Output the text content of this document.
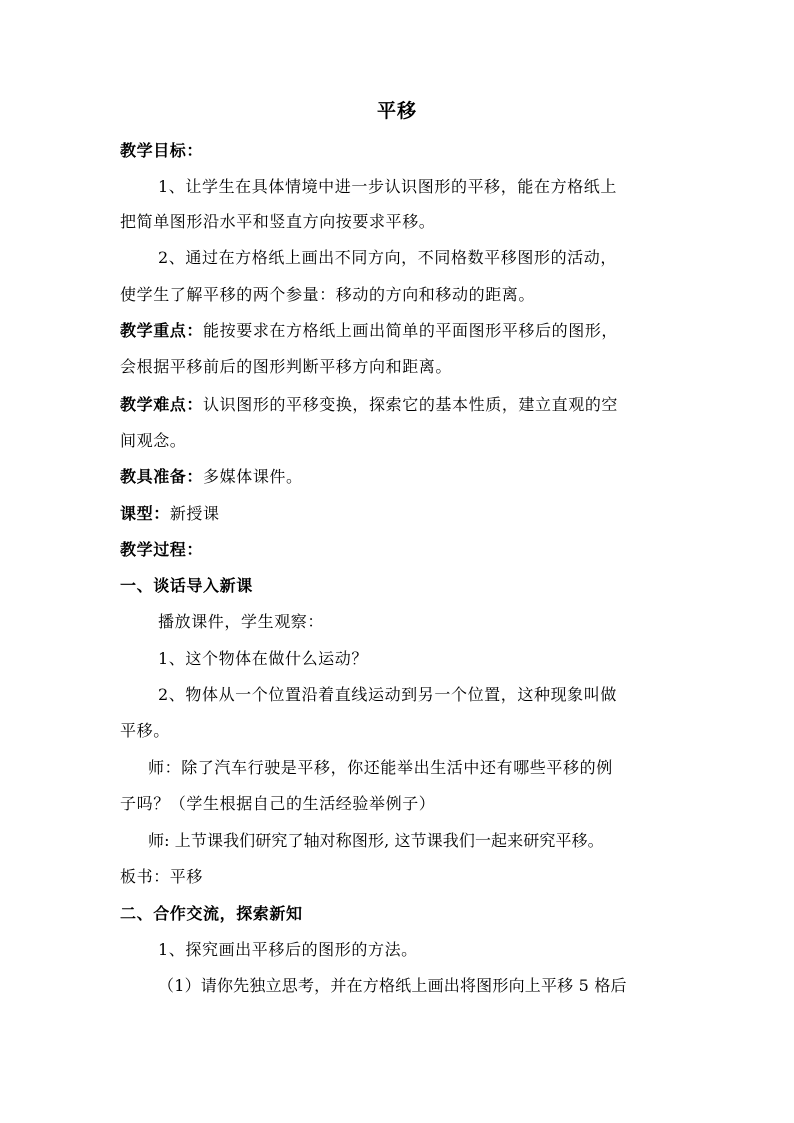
平移
教学目标：
1、让学生在具体情境中进一步认识图形的平移，能在方格纸上
把简单图形沿水平和竖直方向按要求平移。
2、通过在方格纸上画出不同方向，不同格数平移图形的活动，
使学生了解平移的两个参量：移动的方向和移动的距离。
教学重点：能按要求在方格纸上画出简单的平面图形平移后的图形，
会根据平移前后的图形判断平移方向和距离。
教学难点：认识图形的平移变换，探索它的基本性质，建立直观的空
间观念。
教具准备：多媒体课件。
课型：新授课
教学过程：
一、谈话导入新课
播放课件，学生观察：
1、这个物体在做什么运动？
2、物体从一个位置沿着直线运动到另一个位置，这种现象叫做
平移。
师：除了汽车行驶是平移，你还能举出生活中还有哪些平移的例
子吗？（学生根据自己的生活经验举例子）
师: 上节课我们研究了轴对称图形, 这节课我们一起来研究平移。
板书：平移
二、合作交流，探索新知
1、探究画出平移后的图形的方法。
（1）请你先独立思考，并在方格纸上画出将图形向上平移 5 格后
